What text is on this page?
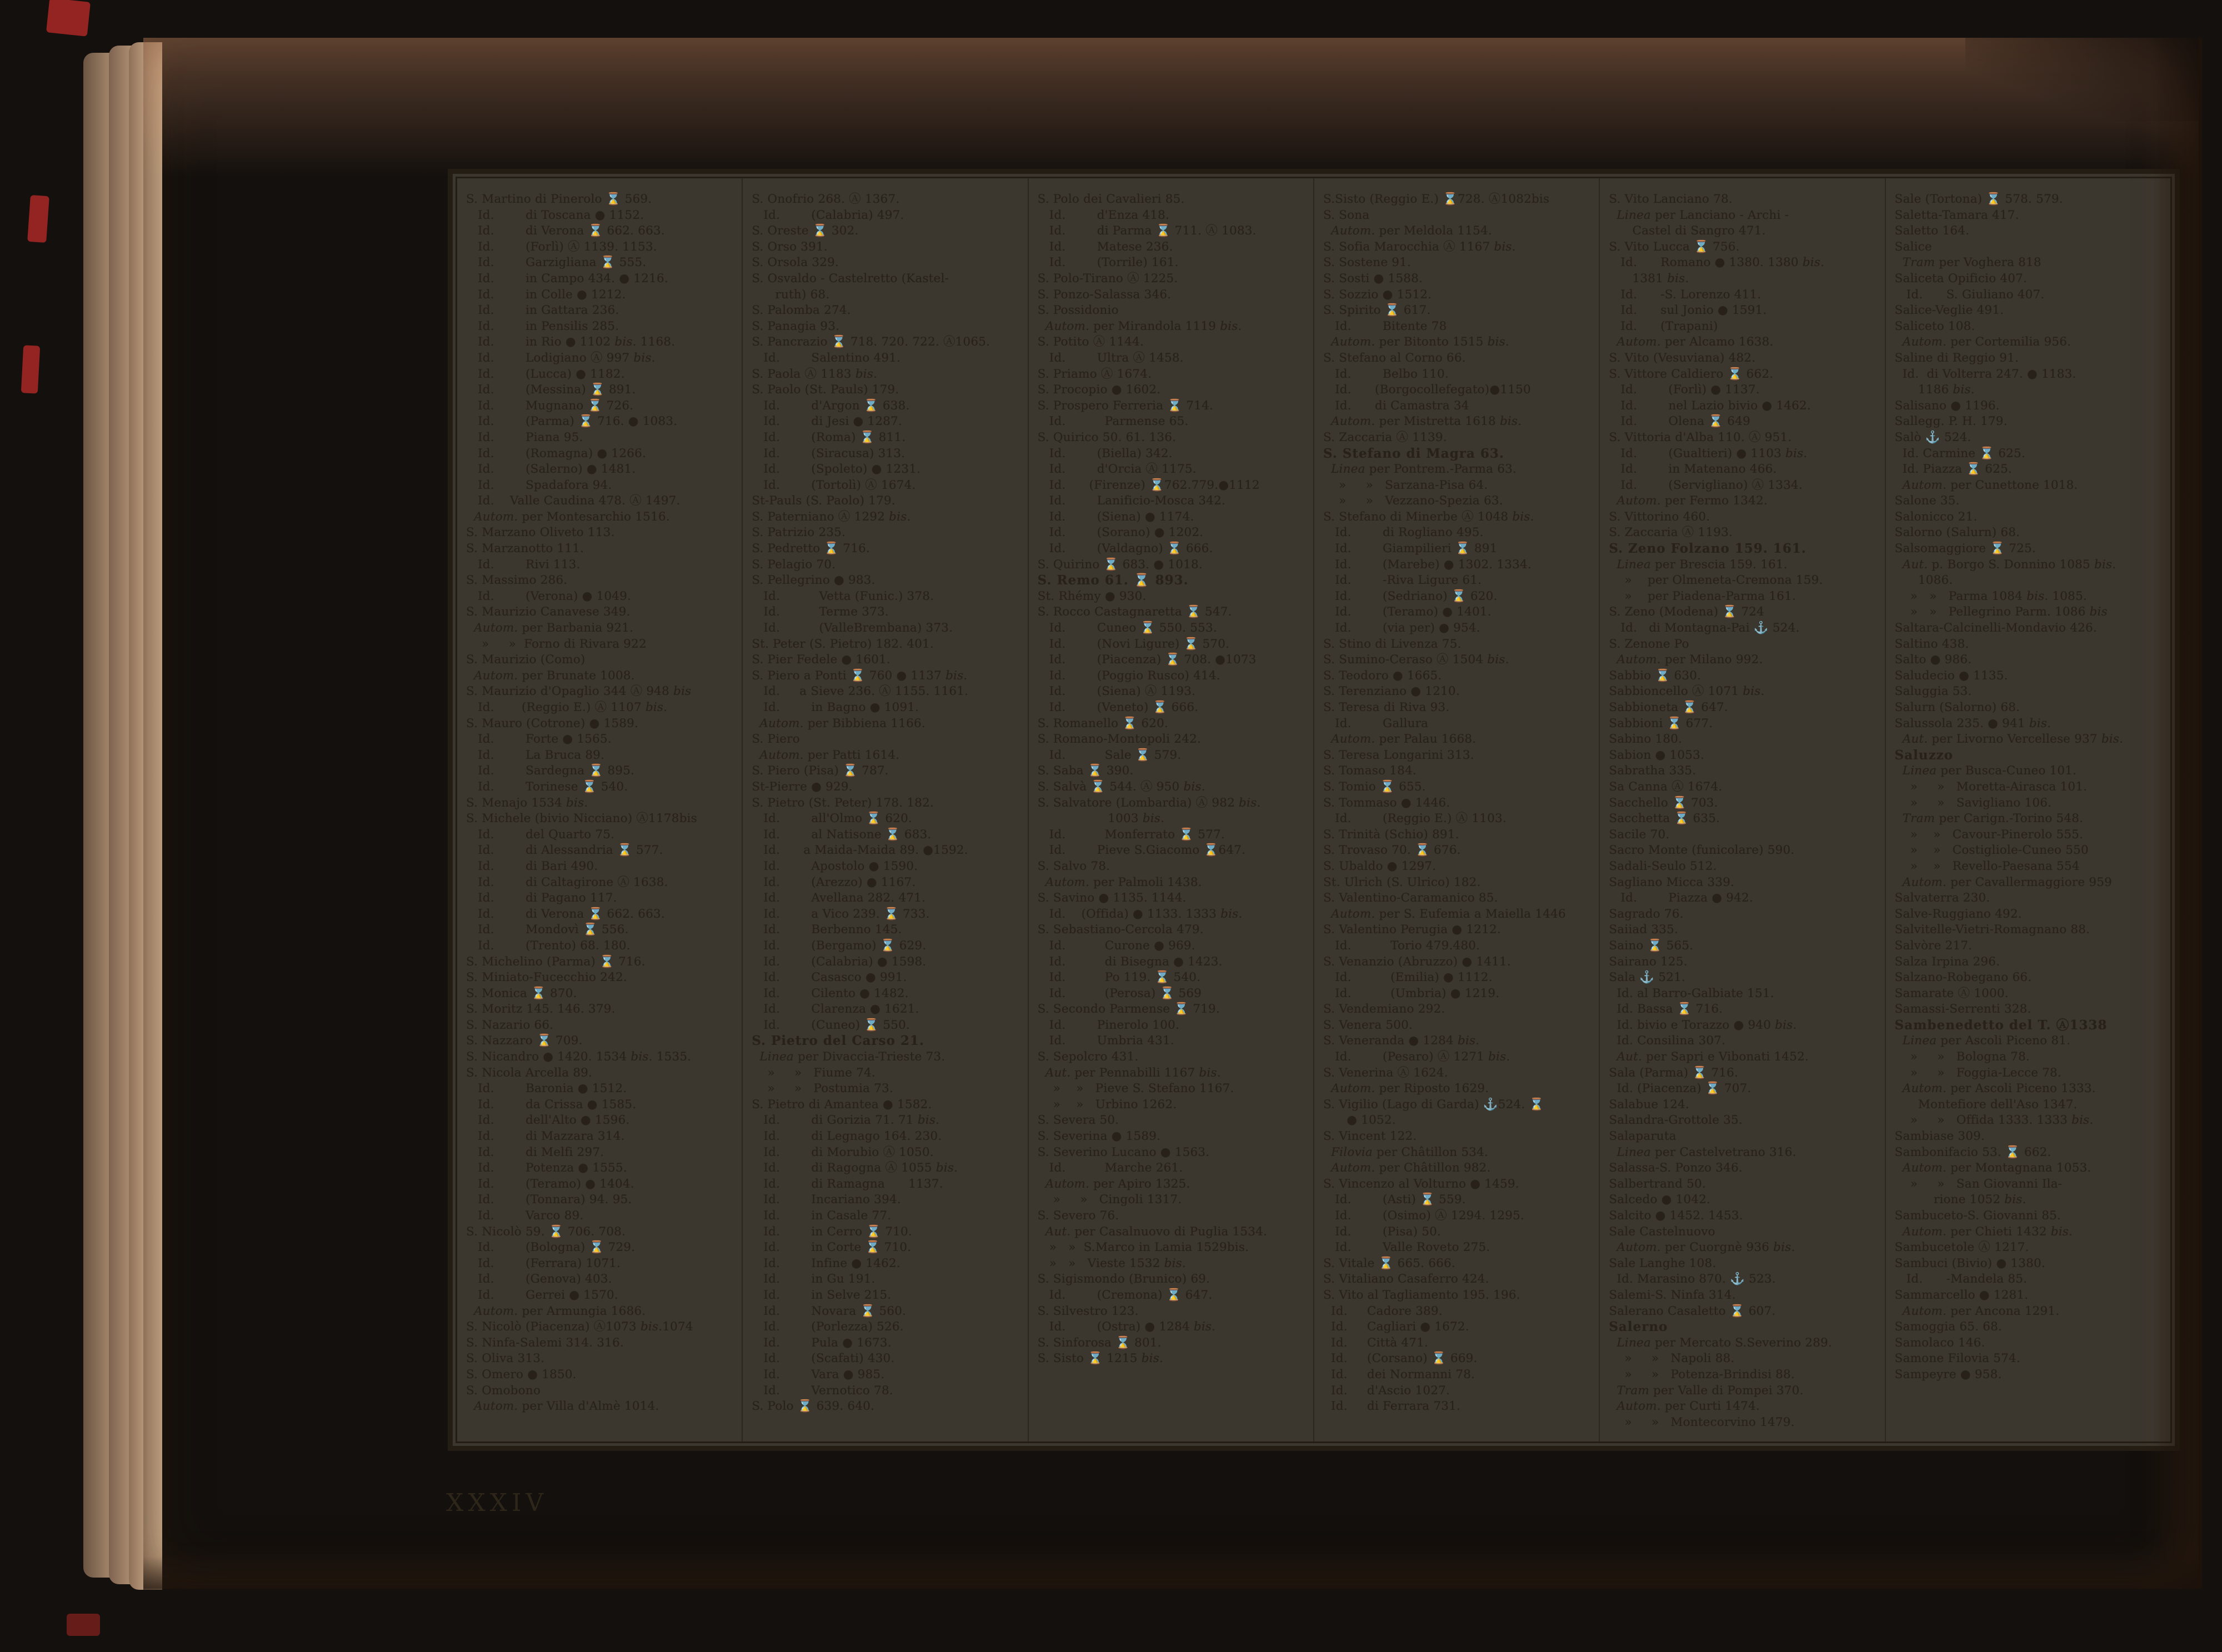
S. Martino di Pinerolo ⌛ 569.
Id.        di Toscana ● 1152.
Id.        di Verona ⌛ 662. 663.
Id.        (Forlì) Ⓐ 1139. 1153.
Id.        Garzigliana ⌛ 555.
Id.        in Campo 434. ● 1216.
Id.        in Colle ● 1212.
Id.        in Gattara 236.
Id.        in Pensilis 285.
Id.        in Rio ● 1102 bis. 1168.
Id.        Lodigiano Ⓐ 997 bis.
Id.        (Lucca) ● 1182.
Id.        (Messina) ⌛ 891.
Id.        Mugnano ⌛ 726.
Id.        (Parma) ⌛ 716. ● 1083.
Id.        Piana 95.
Id.        (Romagna) ● 1266.
Id.        (Salerno) ● 1481.
Id.        Spadafora 94.
Id.    Valle Caudina 478. Ⓐ 1497.
Autom. per Montesarchio 1516.
S. Marzano Oliveto 113.
S. Marzanotto 111.
Id.        Rivi 113.
S. Massimo 286.
Id.        (Verona) ● 1049.
S. Maurizio Canavese 349.
Autom. per Barbania 921.
»     »  Forno di Rivara 922
S. Maurizio (Como)
Autom. per Brunate 1008.
S. Maurizio d'Opaglio 344 Ⓐ 948 bis
Id.       (Reggio E.) Ⓐ 1107 bis.
S. Mauro (Cotrone) ● 1589.
Id.        Forte ● 1565.
Id.        La Bruca 89.
Id.        Sardegna ⌛ 895.
Id.        Torinese ⌛ 540.
S. Menajo 1534 bis.
S. Michele (bivio Nicciano) Ⓐ1178bis
Id.        del Quarto 75.
Id.        di Alessandria ⌛ 577.
Id.        di Bari 490.
Id.        di Caltagirone Ⓐ 1638.
Id.        di Pagano 117.
Id.        di Verona ⌛ 662. 663.
Id.        Mondovì ⌛ 556.
Id.        (Trento) 68. 180.
S. Michelino (Parma) ⌛ 716.
S. Miniato-Fucecchio 242.
S. Monica ⌛ 870.
S. Moritz 145. 146. 379.
S. Nazario 66.
S. Nazzaro ⌛ 709.
S. Nicandro ● 1420. 1534 bis. 1535.
S. Nicola Arcella 89.
Id.        Baronia ● 1512.
Id.        da Crissa ● 1585.
Id.        dell'Alto ● 1596.
Id.        di Mazzara 314.
Id.        di Melfi 297.
Id.        Potenza ● 1555.
Id.        (Teramo) ● 1404.
Id.        (Tonnara) 94. 95.
Id.        Varco 89.
S. Nicolò 59. ⌛ 706. 708.
Id.        (Bologna) ⌛ 729.
Id.        (Ferrara) 1071.
Id.        (Genova) 403.
Id.        Gerrei ● 1570.
Autom. per Armungia 1686.
S. Nicolò (Piacenza) Ⓐ1073 bis.1074
S. Ninfa-Salemi 314. 316.
S. Oliva 313.
S. Omero ● 1850.
S. Omobono
Autom. per Villa d'Almè 1014.
S. Onofrio 268. Ⓐ 1367.
Id.        (Calabria) 497.
S. Oreste ⌛ 302.
S. Orso 391.
S. Orsola 329.
S. Osvaldo - Castelretto (Kastel-
ruth) 68.
S. Palomba 274.
S. Panagia 93.
S. Pancrazio ⌛ 718. 720. 722. Ⓐ1065.
Id.        Salentino 491.
S. Paola Ⓐ 1183 bis.
S. Paolo (St. Pauls) 179.
Id.        d'Argon ⌛ 638.
Id.        di Jesi ● 1287.
Id.        (Roma) ⌛ 811.
Id.        (Siracusa) 313.
Id.        (Spoleto) ● 1231.
Id.        (Tortolì) Ⓐ 1674.
St-Pauls (S. Paolo) 179.
S. Paterniano Ⓐ 1292 bis.
S. Patrizio 235.
S. Pedretto ⌛ 716.
S. Pelagio 70.
S. Pellegrino ● 983.
Id.          Vetta (Funic.) 378.
Id.          Terme 373.
Id.          (ValleBrembana) 373.
St. Peter (S. Pietro) 182. 401.
S. Pier Fedele ● 1601.
S. Piero a Ponti ⌛ 760 ● 1137 bis.
Id.     a Sieve 236. Ⓐ 1155. 1161.
Id.        in Bagno ● 1091.
Autom. per Bibbiena 1166.
S. Piero
Autom. per Patti 1614.
S. Piero (Pisa) ⌛ 787.
St-Pierre ● 929.
S. Pietro (St. Peter) 178. 182.
Id.        all'Olmo ⌛ 620.
Id.        al Natisone ⌛ 683.
Id.      a Maida-Maida 89. ●1592.
Id.        Apostolo ● 1590.
Id.        (Arezzo) ● 1167.
Id.        Avellana 282. 471.
Id.        a Vico 239. ⌛ 733.
Id.        Berbenno 145.
Id.        (Bergamo) ⌛ 629.
Id.        (Calabria) ● 1598.
Id.        Casasco ● 991.
Id.        Cilento ● 1482.
Id.        Clarenza ● 1621.
Id.        (Cuneo) ⌛ 550.
S. Pietro del Carso 21.
Linea per Divaccia-Trieste 73.
»     »   Fiume 74.
»     »   Postumia 73.
S. Pietro di Amantea ● 1582.
Id.        di Gorizia 71. 71 bis.
Id.        di Legnago 164. 230.
Id.        di Morubio Ⓐ 1050.
Id.        di Ragogna Ⓐ 1055 bis.
Id.        di Ramagna      1137.
Id.        Incariano 394.
Id.        in Casale 77.
Id.        in Cerro ⌛ 710.
Id.        in Corte ⌛ 710.
Id.        Infine ● 1462.
Id.        in Gu 191.
Id.        in Selve 215.
Id.        Novara ⌛ 560.
Id.        (Porlezza) 526.
Id.        Pula ● 1673.
Id.        (Scafati) 430.
Id.        Vara ● 985.
Id.        Vernotico 78.
S. Polo ⌛ 639. 640.
S. Polo dei Cavalieri 85.
Id.        d'Enza 418.
Id.        di Parma ⌛ 711. Ⓐ 1083.
Id.        Matese 236.
Id.        (Torrile) 161.
S. Polo-Tirano Ⓐ 1225.
S. Ponzo-Salassa 346.
S. Possidonio
Autom. per Mirandola 1119 bis.
S. Potito Ⓐ 1144.
Id.        Ultra Ⓐ 1458.
S. Priamo Ⓐ 1674.
S. Procopio ● 1602.
S. Prospero Ferreria ⌛ 714.
Id.          Parmense 65.
S. Quirico 50. 61. 136.
Id.        (Biella) 342.
Id.        d'Orcia Ⓐ 1175.
Id.      (Firenze) ⌛762.779.●1112
Id.        Lanificio-Mosca 342.
Id.        (Siena) ● 1174.
Id.        (Sorano) ● 1202.
Id.        (Valdagno) ⌛ 666.
S. Quirino ⌛ 683. ● 1018.
S. Remo 61. ⌛ 893.
St. Rhémy ● 930.
S. Rocco Castagnaretta ⌛ 547.
Id.        Cuneo ⌛ 550. 553.
Id.        (Novi Ligure) ⌛ 570.
Id.        (Piacenza) ⌛ 708. ●1073
Id.        (Poggio Rusco) 414.
Id.        (Siena) Ⓐ 1193.
Id.        (Veneto) ⌛ 666.
S. Romanello ⌛ 620.
S. Romano-Montopoli 242.
Id.          Sale ⌛ 579.
S. Saba ⌛ 390.
S. Salvà ⌛ 544. Ⓐ 950 bis.
S. Salvatore (Lombardia) Ⓐ 982 bis.
1003 bis.
Id.          Monferrato ⌛ 577.
Id.        Pieve S.Giacomo ⌛647.
S. Salvo 78.
Autom. per Palmoli 1438.
S. Savino ● 1135. 1144.
Id.    (Offida) ● 1133. 1333 bis.
S. Sebastiano-Cercola 479.
Id.          Curone ● 969.
Id.          di Bisegna ● 1423.
Id.          Po 119. ⌛ 540.
Id.          (Perosa) ⌛ 569
S. Secondo Parmense ⌛ 719.
Id.        Pinerolo 100.
Id.        Umbria 431.
S. Sepolcro 431.
Aut. per Pennabilli 1167 bis.
»    »   Pieve S. Stefano 1167.
»    »   Urbino 1262.
S. Severa 50.
S. Severina ● 1589.
S. Severino Lucano ● 1563.
Id.          Marche 261.
Autom. per Apiro 1325.
»     »   Cingoli 1317.
S. Severo 76.
Aut. per Casalnuovo di Puglia 1534.
»   »  S.Marco in Lamia 1529bis.
»   »   Vieste 1532 bis.
S. Sigismondo (Brunico) 69.
Id.        (Cremona) ⌛ 647.
S. Silvestro 123.
Id.        (Ostra) ● 1284 bis.
S. Sinforosa ⌛ 801.
S. Sisto ⌛ 1215 bis.
S.Sisto (Reggio E.) ⌛728. Ⓐ1082bis
S. Sona
Autom. per Meldola 1154.
S. Sofia Marocchia Ⓐ 1167 bis.
S. Sostene 91.
S. Sosti ● 1588.
S. Sozzio ● 1512.
S. Spirito ⌛ 617.
Id.        Bitente 78
Autom. per Bitonto 1515 bis.
S. Stefano al Corno 66.
Id.        Belbo 110.
Id.      (Borgocollefegato)●1150
Id.      di Camastra 34
Autom. per Mistretta 1618 bis.
S. Zaccaria Ⓐ 1139.
S. Stefano di Magra 63.
Linea per Pontrem.-Parma 63.
»     »   Sarzana-Pisa 64.
»     »   Vezzano-Spezia 63.
S. Stefano di Minerbe Ⓐ 1048 bis.
Id.        di Rogliano 495.
Id.        Giampilieri ⌛ 891
Id.        (Marebe) ● 1302. 1334.
Id.        -Riva Ligure 61.
Id.        (Sedriano) ⌛ 620.
Id.        (Teramo) ● 1401.
Id.        (via per) ● 954.
S. Stino di Livenza 75.
S. Sumino-Ceraso Ⓐ 1504 bis.
S. Teodoro ● 1665.
S. Terenziano ● 1210.
S. Teresa di Riva 93.
Id.        Gallura
Autom. per Palau 1668.
S. Teresa Longarini 313.
S. Tomaso 184.
S. Tomio ⌛ 655.
S. Tommaso ● 1446.
Id.        (Reggio E.) Ⓐ 1103.
S. Trinità (Schio) 891.
S. Trovaso 70. ⌛ 676.
S. Ubaldo ● 1297.
St. Ulrich (S. Ulrico) 182.
S. Valentino-Caramanico 85.
Autom. per S. Eufemia a Maiella 1446
S. Valentino Perugia ● 1212.
Id.          Torio 479.480.
S. Venanzio (Abruzzo) ● 1411.
Id.          (Emilia) ● 1112.
Id.          (Umbria) ● 1219.
S. Vendemiano 292.
S. Venera 500.
S. Veneranda ● 1284 bis.
Id.        (Pesaro) Ⓐ 1271 bis.
S. Venerina Ⓐ 1624.
Autom. per Riposto 1629.
S. Vigilio (Lago di Garda) ⚓524. ⌛
● 1052.
S. Vincent 122.
Filovia per Châtillon 534.
Autom. per Châtillon 982.
S. Vincenzo al Volturno ● 1459.
Id.        (Asti) ⌛ 559.
Id.        (Osimo) Ⓐ 1294. 1295.
Id.        (Pisa) 50.
Id.        Valle Roveto 275.
S. Vitale ⌛ 665. 666.
S. Vitaliano Casaferro 424.
S. Vito al Tagliamento 195. 196.
Id.     Cadore 389.
Id.     Cagliari ● 1672.
Id.     Città 471.
Id.     (Corsano) ⌛ 669.
Id.     dei Normanni 78.
Id.     d'Ascio 1027.
Id.     di Ferrara 731.
S. Vito Lanciano 78.
Linea per Lanciano - Archi -
Castel di Sangro 471.
S. Vito Lucca ⌛ 756.
Id.      Romano ● 1380. 1380 bis.
1381 bis.
Id.      -S. Lorenzo 411.
Id.      sul Jonio ● 1591.
Id.      (Trapani)
Autom. per Alcamo 1638.
S. Vito (Vesuviana) 482.
S. Vittore Caldiero ⌛ 662.
Id.        (Forlì) ● 1137.
Id.        nel Lazio bivio ● 1462.
Id.        Olena ⌛ 649
S. Vittoria d'Alba 110. Ⓐ 951.
Id.        (Gualtieri) ● 1103 bis.
Id.        in Matenano 466.
Id.        (Servigliano) Ⓐ 1334.
Autom. per Fermo 1342.
S. Vittorino 460.
S. Zaccaria Ⓐ 1193.
S. Zeno Folzano 159. 161.
Linea per Brescia 159. 161.
»    per Olmeneta-Cremona 159.
»    per Piadena-Parma 161.
S. Zeno (Modena) ⌛ 724
Id.   di Montagna-Pai ⚓ 524.
S. Zenone Po
Autom. per Milano 992.
Sabbio ⌛ 630.
Sabbioncello Ⓐ 1071 bis.
Sabbioneta ⌛ 647.
Sabbioni ⌛ 677.
Sabino 180.
Sabion ● 1053.
Sabratha 335.
Sa Canna Ⓐ 1674.
Sacchello ⌛ 703.
Sacchetta ⌛ 635.
Sacile 70.
Sacro Monte (funicolare) 590.
Sadali-Seulo 512.
Sagliano Micca 339.
Id.        Piazza ● 942.
Sagrado 76.
Saiiad 335.
Saino ⌛ 565.
Sairano 125.
Sala ⚓ 521.
Id. al Barro-Galbiate 151.
Id. Bassa ⌛ 716.
Id. bivio e Torazzo ● 940 bis.
Id. Consilina 307.
Aut. per Sapri e Vibonati 1452.
Sala (Parma) ⌛ 716.
Id. (Piacenza) ⌛ 707.
Salabue 124.
Salandra-Grottole 35.
Salaparuta
Linea per Castelvetrano 316.
Salassa-S. Ponzo 346.
Salbertrand 50.
Salcedo ● 1042.
Salcito ● 1452. 1453.
Sale Castelnuovo
Autom. per Cuorgnè 936 bis.
Sale Langhe 108.
Id. Marasino 870. ⚓ 523.
Salemi-S. Ninfa 314.
Salerano Casaletto ⌛ 607.
Salerno
Linea per Mercato S.Severino 289.
»     »   Napoli 88.
»     »   Potenza-Brindisi 88.
Tram per Valle di Pompei 370.
Autom. per Curti 1474.
»     »   Montecorvino 1479.
Sale (Tortona) ⌛ 578. 579.
Saletta-Tamara 417.
Saletto 164.
Salice
Tram per Voghera 818
Saliceta Opificio 407.
Id.      S. Giuliano 407.
Salice-Veglie 491.
Saliceto 108.
Autom. per Cortemilia 956.
Saline di Reggio 91.
Id.  di Volterra 247. ● 1183.
1186 bis.
Salisano ● 1196.
Sallegg. P. H. 179.
Salò ⚓ 524.
Id. Carmine ⌛ 625.
Id. Piazza ⌛ 625.
Autom. per Cunettone 1018.
Salone 35.
Salonicco 21.
Salorno (Salurn) 68.
Salsomaggiore ⌛ 725.
Aut. p. Borgo S. Donnino 1085 bis.
1086.
»   »   Parma 1084 bis. 1085.
»   »   Pellegrino Parm. 1086 bis
Saltara-Calcinelli-Mondavio 426.
Saltino 438.
Salto ● 986.
Saludecio ● 1135.
Saluggia 53.
Salurn (Salorno) 68.
Salussola 235. ● 941 bis.
Aut. per Livorno Vercellese 937 bis.
Saluzzo
Linea per Busca-Cuneo 101.
»     »   Moretta-Airasca 101.
»     »   Savigliano 106.
Tram per Carign.-Torino 548.
»    »   Cavour-Pinerolo 555.
»    »   Costigliole-Cuneo 550
»    »   Revello-Paesana 554
Autom. per Cavallermaggiore 959
Salvaterra 230.
Salve-Ruggiano 492.
Salvitelle-Vietri-Romagnano 88.
Salvòre 217.
Salza Irpina 296.
Salzano-Robegano 66.
Samarate Ⓐ 1000.
Samassi-Serrenti 328.
Sambenedetto del T. Ⓐ1338
Linea per Ascoli Piceno 81.
»     »   Bologna 78.
»     »   Foggia-Lecce 78.
Autom. per Ascoli Piceno 1333.
Montefiore dell'Aso 1347.
»     »   Offida 1333. 1333 bis.
Sambiase 309.
Sambonifacio 53. ⌛ 662.
Autom. per Montagnana 1053.
»     »   San Giovanni Ila-
rione 1052 bis.
Sambuceto-S. Giovanni 85.
Autom. per Chieti 1432 bis.
Sambucetole Ⓐ 1217.
Sambuci (Bivio) ● 1380.
Id.      -Mandela 85.
Sammarcello ● 1281.
Autom. per Ancona 1291.
Samoggia 65. 68.
Samolaco 146.
Samone Filovia 574.
Sampeyre ● 958.
XXXIV
